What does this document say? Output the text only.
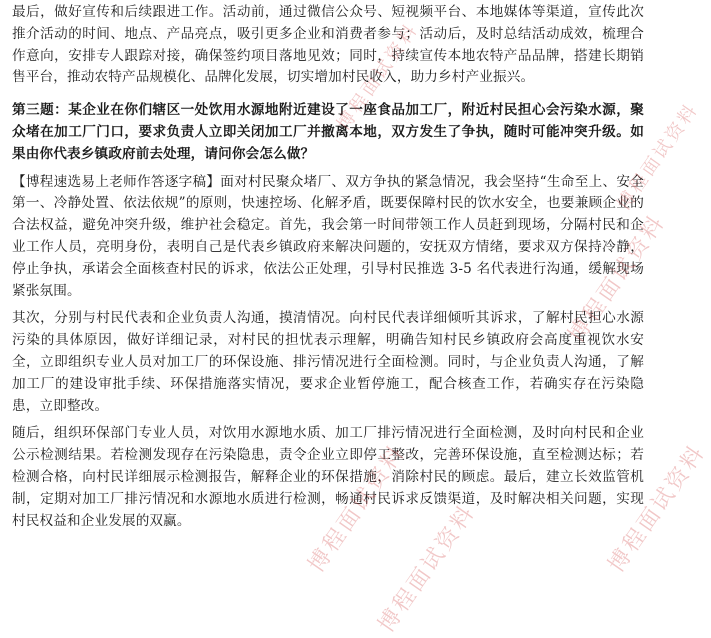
最后，做好宣传和后续跟进工作。活动前，通过微信公众号、短视频平台、本地媒体等渠道，宣传此次推介活动的时间、地点、产品亮点，吸引更多企业和消费者参与；活动后，及时总结活动成效，梳理合作意向，安排专人跟踪对接，确保签约项目落地见效；同时，持续宣传本地农特产品品牌，搭建长期销售平台，推动农特产品规模化、品牌化发展，切实增加村民收入，助力乡村产业振兴。

第三题：某企业在你们辖区一处饮用水源地附近建设了一座食品加工厂，附近村民担心会污染水源，聚众堵在加工厂门口，要求负责人立即关闭加工厂并撤离本地，双方发生了争执，随时可能冲突升级。如果由你代表乡镇政府前去处理，请问你会怎么做？

【博程速选易上老师作答逐字稿】面对村民聚众堵厂、双方争执的紧急情况，我会坚持“生命至上、安全第一、冷静处置、依法依规”的原则，快速控场、化解矛盾，既要保障村民的饮水安全，也要兼顾企业的合法权益，避免冲突升级，维护社会稳定。首先，我会第一时间带领工作人员赶到现场，分隔村民和企业工作人员，亮明身份，表明自己是代表乡镇政府来解决问题的，安抚双方情绪，要求双方保持冷静，停止争执，承诺会全面核查村民的诉求，依法公正处理，引导村民推选 3-5 名代表进行沟通，缓解现场紧张氛围。

其次，分别与村民代表和企业负责人沟通，摸清情况。向村民代表详细倾听其诉求，了解村民担心水源污染的具体原因，做好详细记录，对村民的担忧表示理解，明确告知村民乡镇政府会高度重视饮水安全，立即组织专业人员对加工厂的环保设施、排污情况进行全面检测。同时，与企业负责人沟通，了解加工厂的建设审批手续、环保措施落实情况，要求企业暂停施工，配合核查工作，若确实存在污染隐患，立即整改。

随后，组织环保部门专业人员，对饮用水源地水质、加工厂排污情况进行全面检测，及时向村民和企业公示检测结果。若检测发现存在污染隐患，责令企业立即停工整改，完善环保设施，直至检测达标；若检测合格，向村民详细展示检测报告，解释企业的环保措施，消除村民的顾虑。最后，建立长效监管机制，定期对加工厂排污情况和水源地水质进行检测，畅通村民诉求反馈渠道，及时解决相关问题，实现村民权益和企业发展的双赢。	博程面试资料
博程面试资料
博程面试资料
博程面试资料
博程面试资料
博程面试资料
